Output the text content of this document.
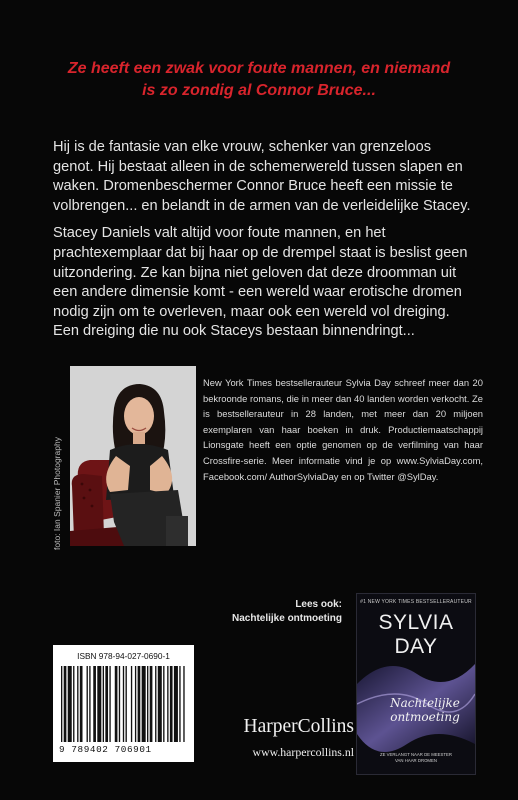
Ze heeft een zwak voor foute mannen, en niemand
is zo zondig al Connor Bruce...

Hij is de fantasie van elke vrouw, schenker van grenzeloos genot. Hij bestaat alleen in de schemerwereld tussen slapen en waken. Dromenbeschermer Connor Bruce heeft een missie te volbrengen... en belandt in de armen van de verleidelijke Stacey.

Stacey Daniels valt altijd voor foute mannen, en het prachtexemplaar dat bij haar op de drempel staat is beslist geen uitzondering. Ze kan bijna niet geloven dat deze droomman uit een andere dimensie komt - een wereld waar erotische dromen nodig zijn om te overleven, maar ook een wereld vol dreiging. Een dreiging die nu ook Staceys bestaan binnendringt...

foto: Ian Spanier Photography

New York Times bestsellerauteur Sylvia Day schreef meer dan 20 bekroonde romans, die in meer dan 40 landen worden verkocht. Ze is bestsellerauteur in 28 landen, met meer dan 20 miljoen exemplaren van haar boeken in druk. Productiemaatschappij Lionsgate heeft een optie genomen op de verfilming van haar Crossfire-serie. Meer informatie vind je op www.SylviaDay.com, Facebook.com/ AuthorSylviaDay en op Twitter @SylDay.

Lees ook:
Nachtelijke ontmoeting
#1 NEW YORK TIMES BESTSELLERAUTEUR
SYLVIA DAY
Nachtelijke
ontmoeting
ZE VERLANGT NAAR DE MEESTER
VAN HAAR DROMEN

ISBN 978-94-027-0690-1

9 789402 706901

HarperCollins

www.harpercollins.nl
